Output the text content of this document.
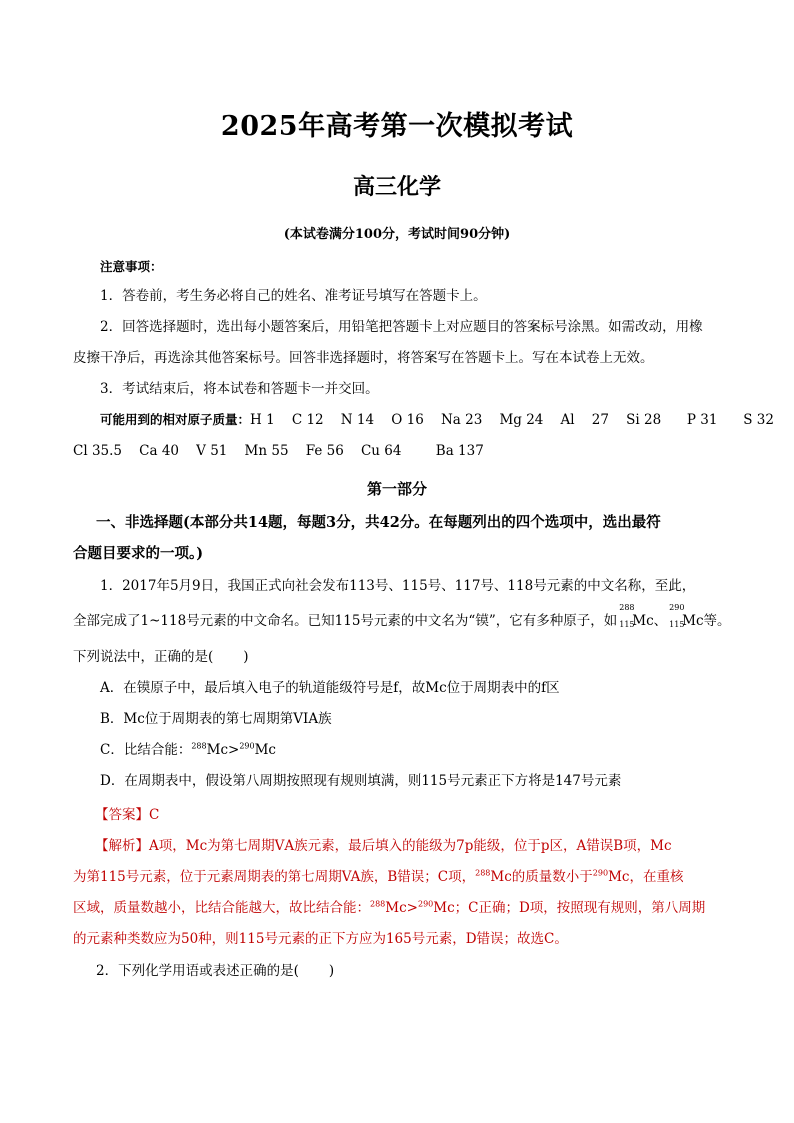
2025年高考第一次模拟考试
高三化学
(本试卷满分100分，考试时间90分钟)
注意事项：
1．答卷前，考生务必将自己的姓名、准考证号填写在答题卡上。
2．回答选择题时，选出每小题答案后，用铅笔把答题卡上对应题目的答案标号涂黑。如需改动，用橡
皮擦干净后，再选涂其他答案标号。回答非选择题时，将答案写在答题卡上。写在本试卷上无效。
3．考试结束后，将本试卷和答题卡一并交回。
可能用到的相对原子质量：H 1    C 12    N 14    O 16    Na 23    Mg 24    Al    27    Si 28      P 31      S 32
Cl 35.5    Ca 40    V 51    Mn 55    Fe 56    Cu 64        Ba 137
第一部分
一、非选择题(本部分共14题，每题3分，共42分。在每题列出的四个选项中，选出最符
合题目要求的一项。)
1．2017年5月9日，我国正式向社会发布113号、115号、117号、118号元素的中文名称，至此，
全部完成了1~118号元素的中文命名。已知115号元素的中文名为“镆”，它有多种原子，如
288
115
Mc、
290
115
Mc等。
下列说法中，正确的是( )
A．在镆原子中，最后填入电子的轨道能级符号是f，故Mc位于周期表中的f区
B．Mc位于周期表的第七周期第VIA族
C．比结合能：$^{288}$Mc>$^{290}$Mc
D．在周期表中，假设第八周期按照现有规则填满，则115号元素正下方将是147号元素
【答案】C
【解析】A项，Mc为第七周期ⅤA族元素，最后填入的能级为7p能级，位于p区，A错误B项，Mc
为第115号元素，位于元素周期表的第七周期VA族，B错误；C项，$^{288}$Mc的质量数小于$^{290}$Mc，在重核
区域，质量数越小，比结合能越大，故比结合能：$^{288}$Mc>$^{290}$Mc；C正确；D项，按照现有规则，第八周期
的元素种类数应为50种，则115号元素的正下方应为165号元素，D错误；故选C。
2．下列化学用语或表述正确的是( )
